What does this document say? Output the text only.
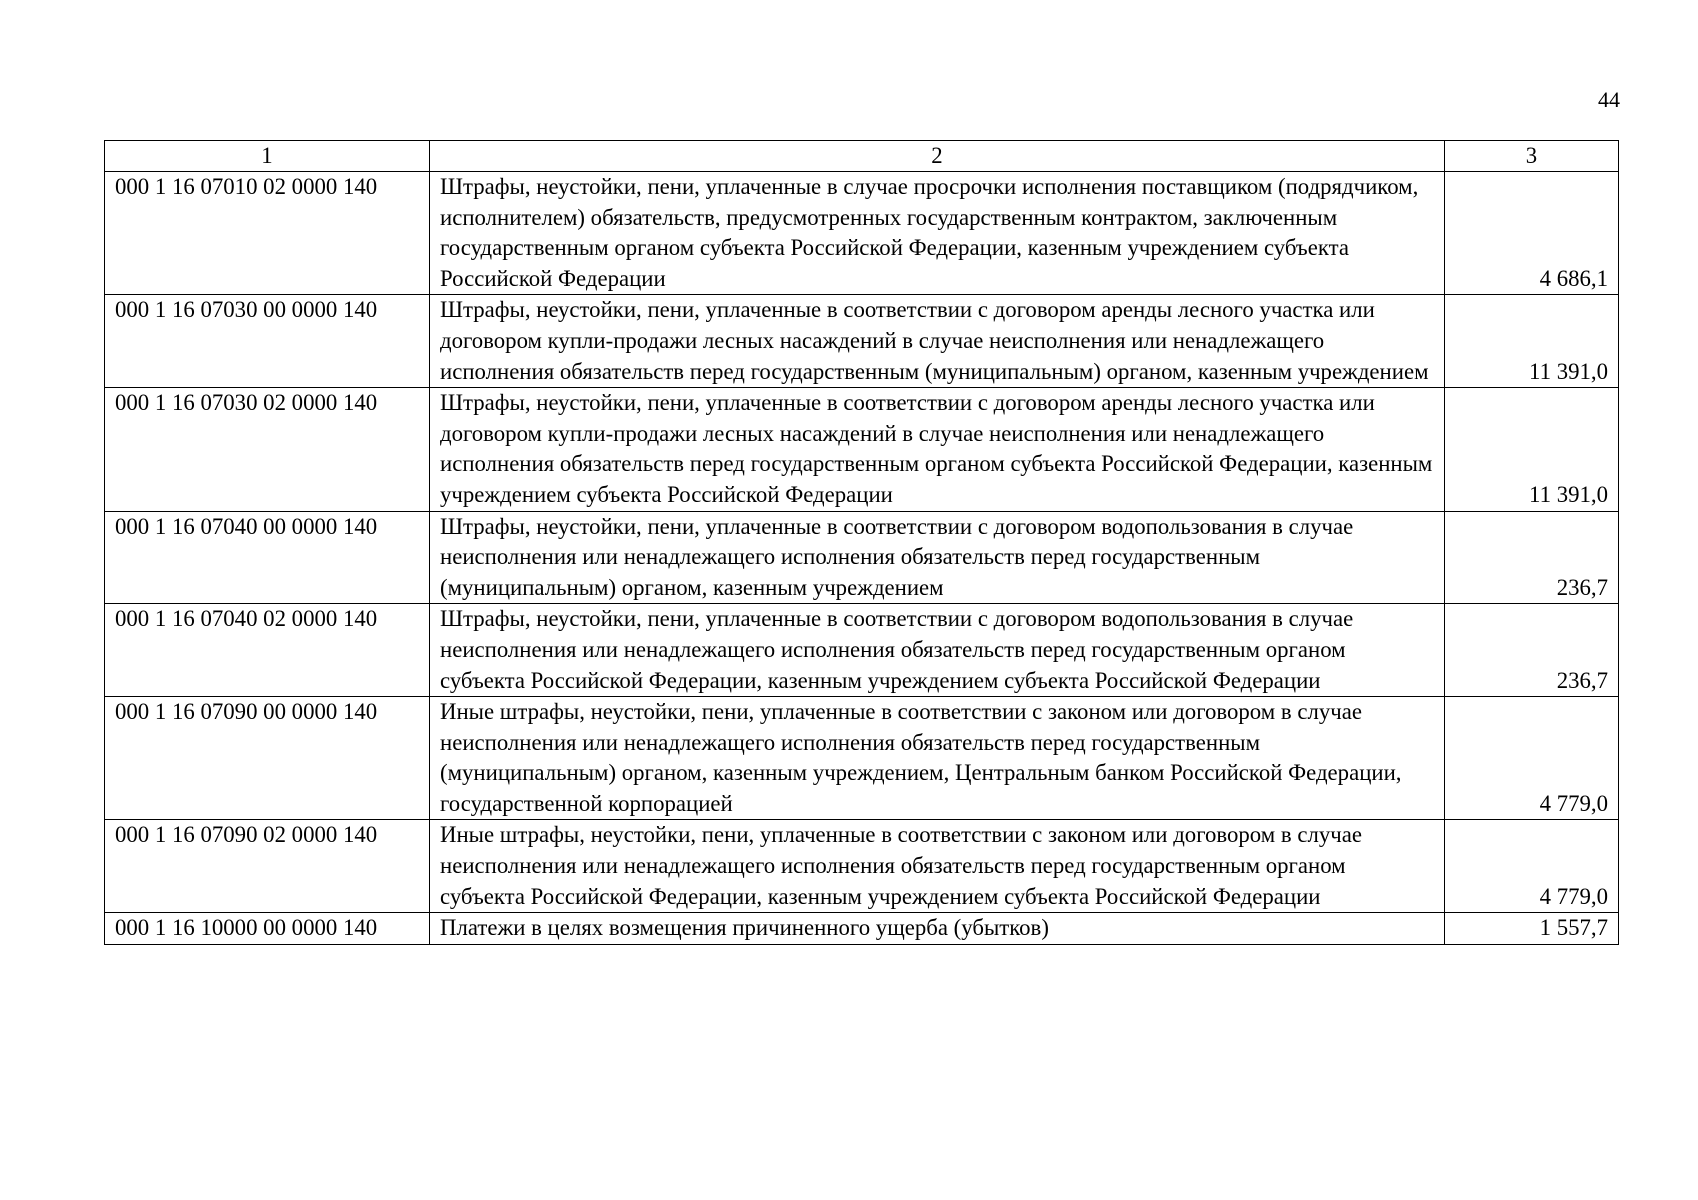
44
1	2	3
000 1 16 07010 02 0000 140	Штрафы, неустойки, пени, уплаченные в случае просрочки исполнения поставщиком (подрядчиком, исполнителем) обязательств, предусмотренных государственным контрактом, заключенным государственным органом субъекта Российской Федерации, казенным учреждением субъекта Российской Федерации	4 686,1
000 1 16 07030 00 0000 140	Штрафы, неустойки, пени, уплаченные в соответствии с договором аренды лесного участка или договором купли-продажи лесных насаждений в случае неисполнения или ненадлежащего исполнения обязательств перед государственным (муниципальным) органом, казенным учреждением	11 391,0
000 1 16 07030 02 0000 140	Штрафы, неустойки, пени, уплаченные в соответствии с договором аренды лесного участка или договором купли-продажи лесных насаждений в случае неисполнения или ненадлежащего исполнения обязательств перед государственным органом субъекта Российской Федерации, казенным учреждением субъекта Российской Федерации	11 391,0
000 1 16 07040 00 0000 140	Штрафы, неустойки, пени, уплаченные в соответствии с договором водопользования в случае неисполнения или ненадлежащего исполнения обязательств перед государственным (муниципальным) органом, казенным учреждением	236,7
000 1 16 07040 02 0000 140	Штрафы, неустойки, пени, уплаченные в соответствии с договором водопользования в случае неисполнения или ненадлежащего исполнения обязательств перед государственным органом субъекта Российской Федерации, казенным учреждением субъекта Российской Федерации	236,7
000 1 16 07090 00 0000 140	Иные штрафы, неустойки, пени, уплаченные в соответствии с законом или договором в случае неисполнения или ненадлежащего исполнения обязательств перед государственным (муниципальным) органом, казенным учреждением, Центральным банком Российской Федерации, государственной корпорацией	4 779,0
000 1 16 07090 02 0000 140	Иные штрафы, неустойки, пени, уплаченные в соответствии с законом или договором в случае неисполнения или ненадлежащего исполнения обязательств перед государственным органом субъекта Российской Федерации, казенным учреждением субъекта Российской Федерации	4 779,0
000 1 16 10000 00 0000 140	Платежи в целях возмещения причиненного ущерба (убытков)	1 557,7
